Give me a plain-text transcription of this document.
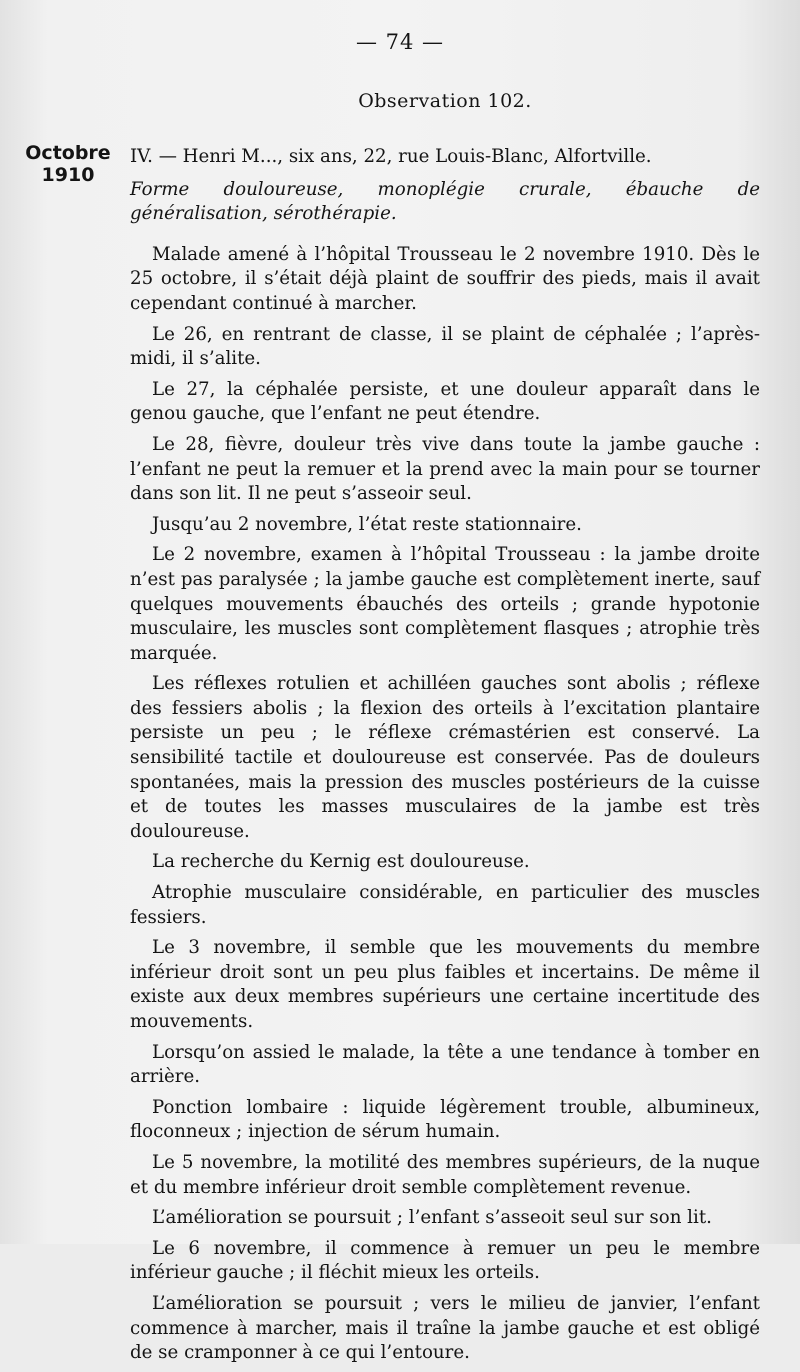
— 74 —
Observation 102.
Octobre
1910

IV. — Henri M..., six ans, 22, rue Louis-Blanc, Alfortville.

Forme douloureuse, monoplégie crurale, ébauche de généralisation, sérothérapie.

Malade amené à l’hôpital Trousseau le 2 novembre 1910. Dès le 25 octobre, il s’était déjà plaint de souffrir des pieds, mais il avait cependant continué à marcher.

Le 26, en rentrant de classe, il se plaint de céphalée ; l’après-midi, il s’alite.

Le 27, la céphalée persiste, et une douleur apparaît dans le genou gauche, que l’enfant ne peut étendre.

Le 28, fièvre, douleur très vive dans toute la jambe gauche : l’enfant ne peut la remuer et la prend avec la main pour se tourner dans son lit. Il ne peut s’asseoir seul.

Jusqu’au 2 novembre, l’état reste stationnaire.

Le 2 novembre, examen à l’hôpital Trousseau : la jambe droite n’est pas paralysée ; la jambe gauche est complètement inerte, sauf quelques mouvements ébauchés des orteils ; grande hypotonie musculaire, les muscles sont complètement flasques ; atrophie très marquée.

Les réflexes rotulien et achilléen gauches sont abolis ; réflexe des fessiers abolis ; la flexion des orteils à l’excitation plantaire persiste un peu ; le réflexe crémastérien est conservé. La sensibilité tactile et douloureuse est conservée. Pas de douleurs spontanées, mais la pression des muscles postérieurs de la cuisse et de toutes les masses musculaires de la jambe est très douloureuse.

La recherche du Kernig est douloureuse.

Atrophie musculaire considérable, en particulier des muscles fessiers.

Le 3 novembre, il semble que les mouvements du membre inférieur droit sont un peu plus faibles et incertains. De même il existe aux deux membres supérieurs une certaine incertitude des mouvements.

Lorsqu’on assied le malade, la tête a une tendance à tomber en arrière.

Ponction lombaire : liquide légèrement trouble, albumineux, floconneux ; injection de sérum humain.

Le 5 novembre, la motilité des membres supérieurs, de la nuque et du membre inférieur droit semble complètement revenue.

L’amélioration se poursuit ; l’enfant s’asseoit seul sur son lit.

Le 6 novembre, il commence à remuer un peu le membre inférieur gauche ; il fléchit mieux les orteils.

L’amélioration se poursuit ; vers le milieu de janvier, l’enfant commence à marcher, mais il traîne la jambe gauche et est obligé de se cramponner à ce qui l’entoure.
